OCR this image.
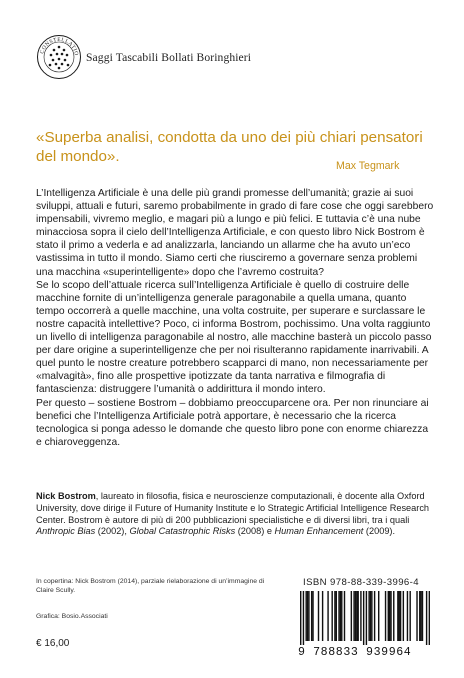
CONSTELLATIO Saggi Tascabili Bollati Boringhieri
«Superba analisi, condotta da uno dei più chiari pensatori del mondo».
Max Tegmark

L’Intelligenza Artificiale è una delle più grandi promesse dell’umanità; grazie ai suoi sviluppi, attuali e futuri, saremo probabilmente in grado di fare cose che oggi sarebbero impensabili, vivremo meglio, e magari più a lungo e più felici. E tuttavia c’è una nube minacciosa sopra il cielo dell’Intelligenza Artificiale, e con questo libro Nick Bostrom è stato il primo a vederla e ad analizzarla, lanciando un allarme che ha avuto un’eco vastissima in tutto il mondo. Siamo certi che riusciremo a governare senza problemi una macchina «superintelligente» dopo che l’avremo costruita?

Se lo scopo dell’attuale ricerca sull’Intelligenza Artificiale è quello di costruire delle macchine fornite di un’intelligenza generale paragonabile a quella umana, quanto tempo occorrerà a quelle macchine, una volta costruite, per superare e surclassare le nostre capacità intellettive? Poco, ci informa Bostrom, pochissimo. Una volta raggiunto un livello di intelligenza paragonabile al nostro, alle macchine basterà un piccolo passo per dare origine a superintelligenze che per noi risulteranno rapidamente inarrivabili. A quel punto le nostre creature potrebbero scapparci di mano, non necessariamente per «malvagità», fino alle prospettive ipotizzate da tanta narrativa e filmografia di fantascienza: distruggere l’umanità o addirittura il mondo intero.

Per questo – sostiene Bostrom – dobbiamo preoccuparcene ora. Per non rinunciare ai benefici che l’Intelligenza Artificiale potrà apportare, è necessario che la ricerca tecnologica si ponga adesso le domande che questo libro pone con enorme chiarezza e chiaroveggenza.

Nick Bostrom, laureato in filosofia, fisica e neuroscienze computazionali, è docente alla Oxford University, dove dirige il Future of Humanity Institute e lo Strategic Artificial Intelligence Research Center. Bostrom è autore di più di 200 pubblicazioni specialistiche e di diversi libri, tra i quali Anthropic Bias (2002), Global Catastrophic Risks (2008) e Human Enhancement (2009).
In copertina: Nick Bostrom (2014), parziale rielaborazione di un’immagine di Claire Scully.
Grafica: Bosio.Associati
€ 16,00
ISBN 978-88-339-3996-4
9 788833 939964
